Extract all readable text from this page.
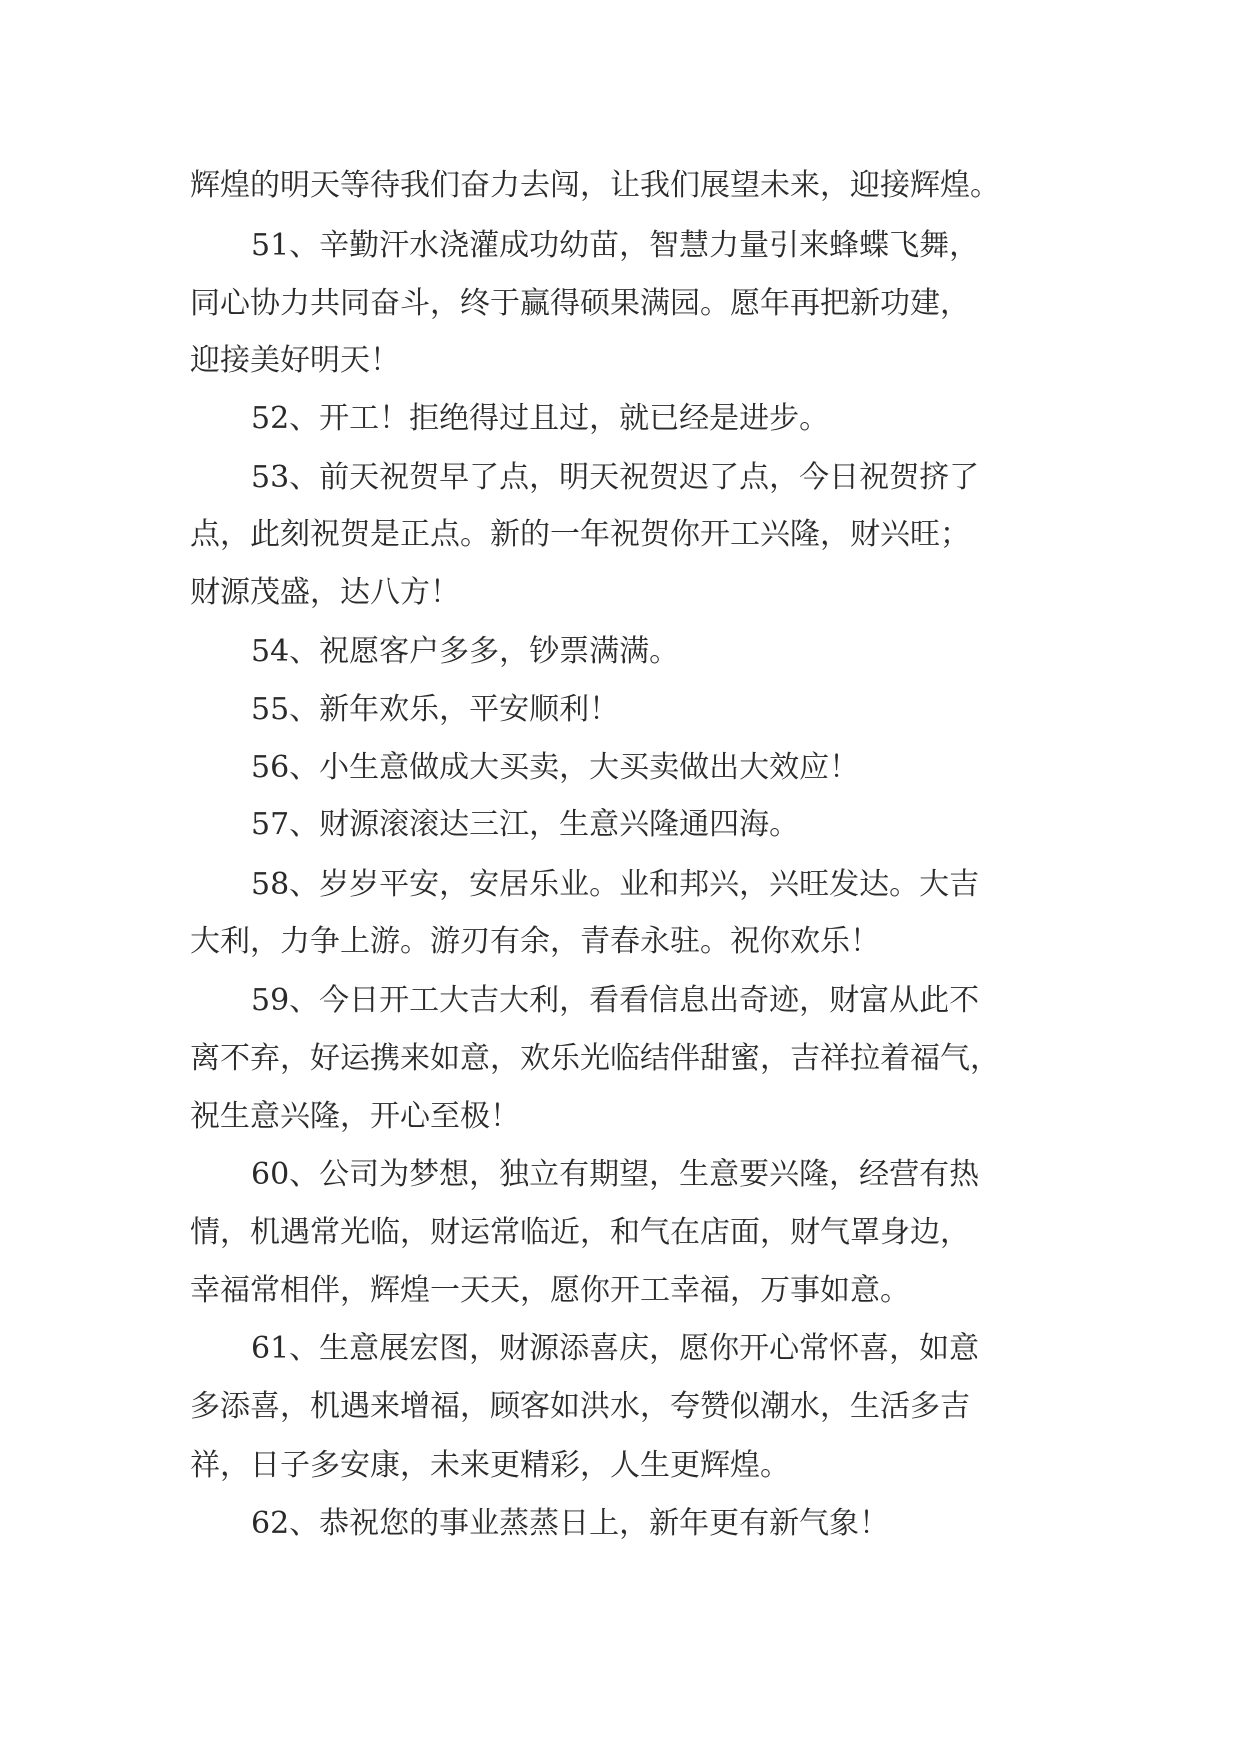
辉煌的明天等待我们奋力去闯，让我们展望未来，迎接辉煌。

51、辛勤汗水浇灌成功幼苗，智慧力量引来蜂蝶飞舞，

同心协力共同奋斗，终于赢得硕果满园。愿年再把新功建，

迎接美好明天！

52、开工！拒绝得过且过，就已经是进步。

53、前天祝贺早了点，明天祝贺迟了点，今日祝贺挤了

点，此刻祝贺是正点。新的一年祝贺你开工兴隆，财兴旺；

财源茂盛，达八方！

54、祝愿客户多多，钞票满满。

55、新年欢乐，平安顺利！

56、小生意做成大买卖，大买卖做出大效应！

57、财源滚滚达三江，生意兴隆通四海。

58、岁岁平安，安居乐业。业和邦兴，兴旺发达。大吉

大利，力争上游。游刃有余，青春永驻。祝你欢乐！

59、今日开工大吉大利，看看信息出奇迹，财富从此不

离不弃，好运携来如意，欢乐光临结伴甜蜜，吉祥拉着福气，

祝生意兴隆，开心至极！

60、公司为梦想，独立有期望，生意要兴隆，经营有热

情，机遇常光临，财运常临近，和气在店面，财气罩身边，

幸福常相伴，辉煌一天天，愿你开工幸福，万事如意。

61、生意展宏图，财源添喜庆，愿你开心常怀喜，如意

多添喜，机遇来增福，顾客如洪水，夸赞似潮水，生活多吉

祥，日子多安康，未来更精彩，人生更辉煌。

62、恭祝您的事业蒸蒸日上，新年更有新气象！
